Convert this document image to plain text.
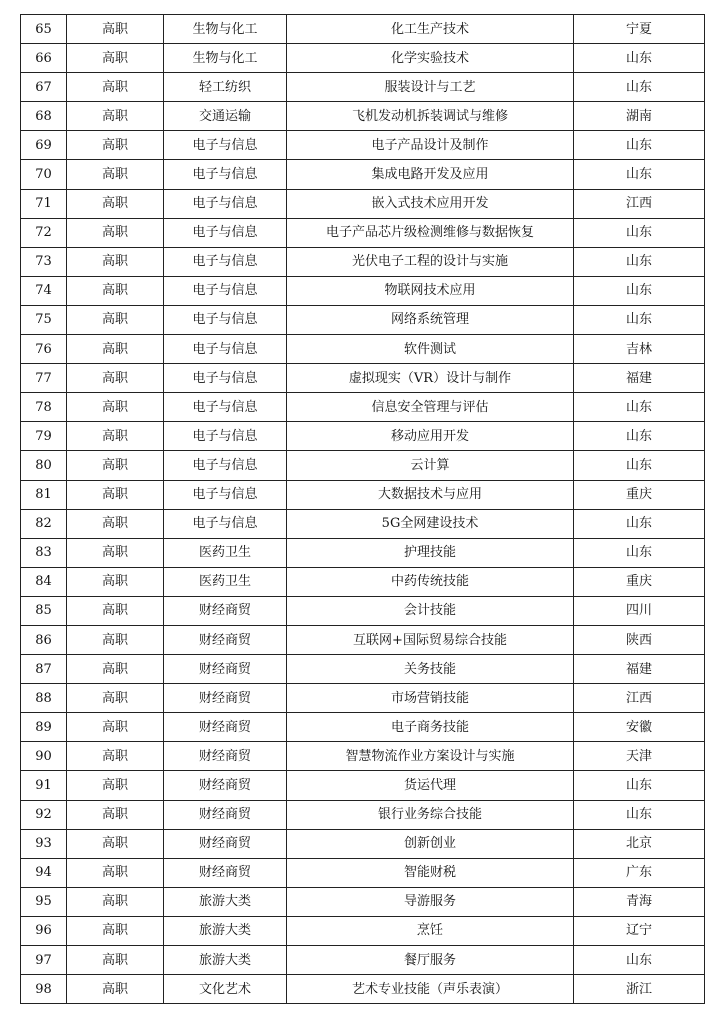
65	高职	生物与化工	化工生产技术	宁夏
66	高职	生物与化工	化学实验技术	山东
67	高职	轻工纺织	服装设计与工艺	山东
68	高职	交通运输	飞机发动机拆装调试与维修	湖南
69	高职	电子与信息	电子产品设计及制作	山东
70	高职	电子与信息	集成电路开发及应用	山东
71	高职	电子与信息	嵌入式技术应用开发	江西
72	高职	电子与信息	电子产品芯片级检测维修与数据恢复	山东
73	高职	电子与信息	光伏电子工程的设计与实施	山东
74	高职	电子与信息	物联网技术应用	山东
75	高职	电子与信息	网络系统管理	山东
76	高职	电子与信息	软件测试	吉林
77	高职	电子与信息	虚拟现实（VR）设计与制作	福建
78	高职	电子与信息	信息安全管理与评估	山东
79	高职	电子与信息	移动应用开发	山东
80	高职	电子与信息	云计算	山东
81	高职	电子与信息	大数据技术与应用	重庆
82	高职	电子与信息	5G全网建设技术	山东
83	高职	医药卫生	护理技能	山东
84	高职	医药卫生	中药传统技能	重庆
85	高职	财经商贸	会计技能	四川
86	高职	财经商贸	互联网+国际贸易综合技能	陕西
87	高职	财经商贸	关务技能	福建
88	高职	财经商贸	市场营销技能	江西
89	高职	财经商贸	电子商务技能	安徽
90	高职	财经商贸	智慧物流作业方案设计与实施	天津
91	高职	财经商贸	货运代理	山东
92	高职	财经商贸	银行业务综合技能	山东
93	高职	财经商贸	创新创业	北京
94	高职	财经商贸	智能财税	广东
95	高职	旅游大类	导游服务	青海
96	高职	旅游大类	烹饪	辽宁
97	高职	旅游大类	餐厅服务	山东
98	高职	文化艺术	艺术专业技能（声乐表演）	浙江
